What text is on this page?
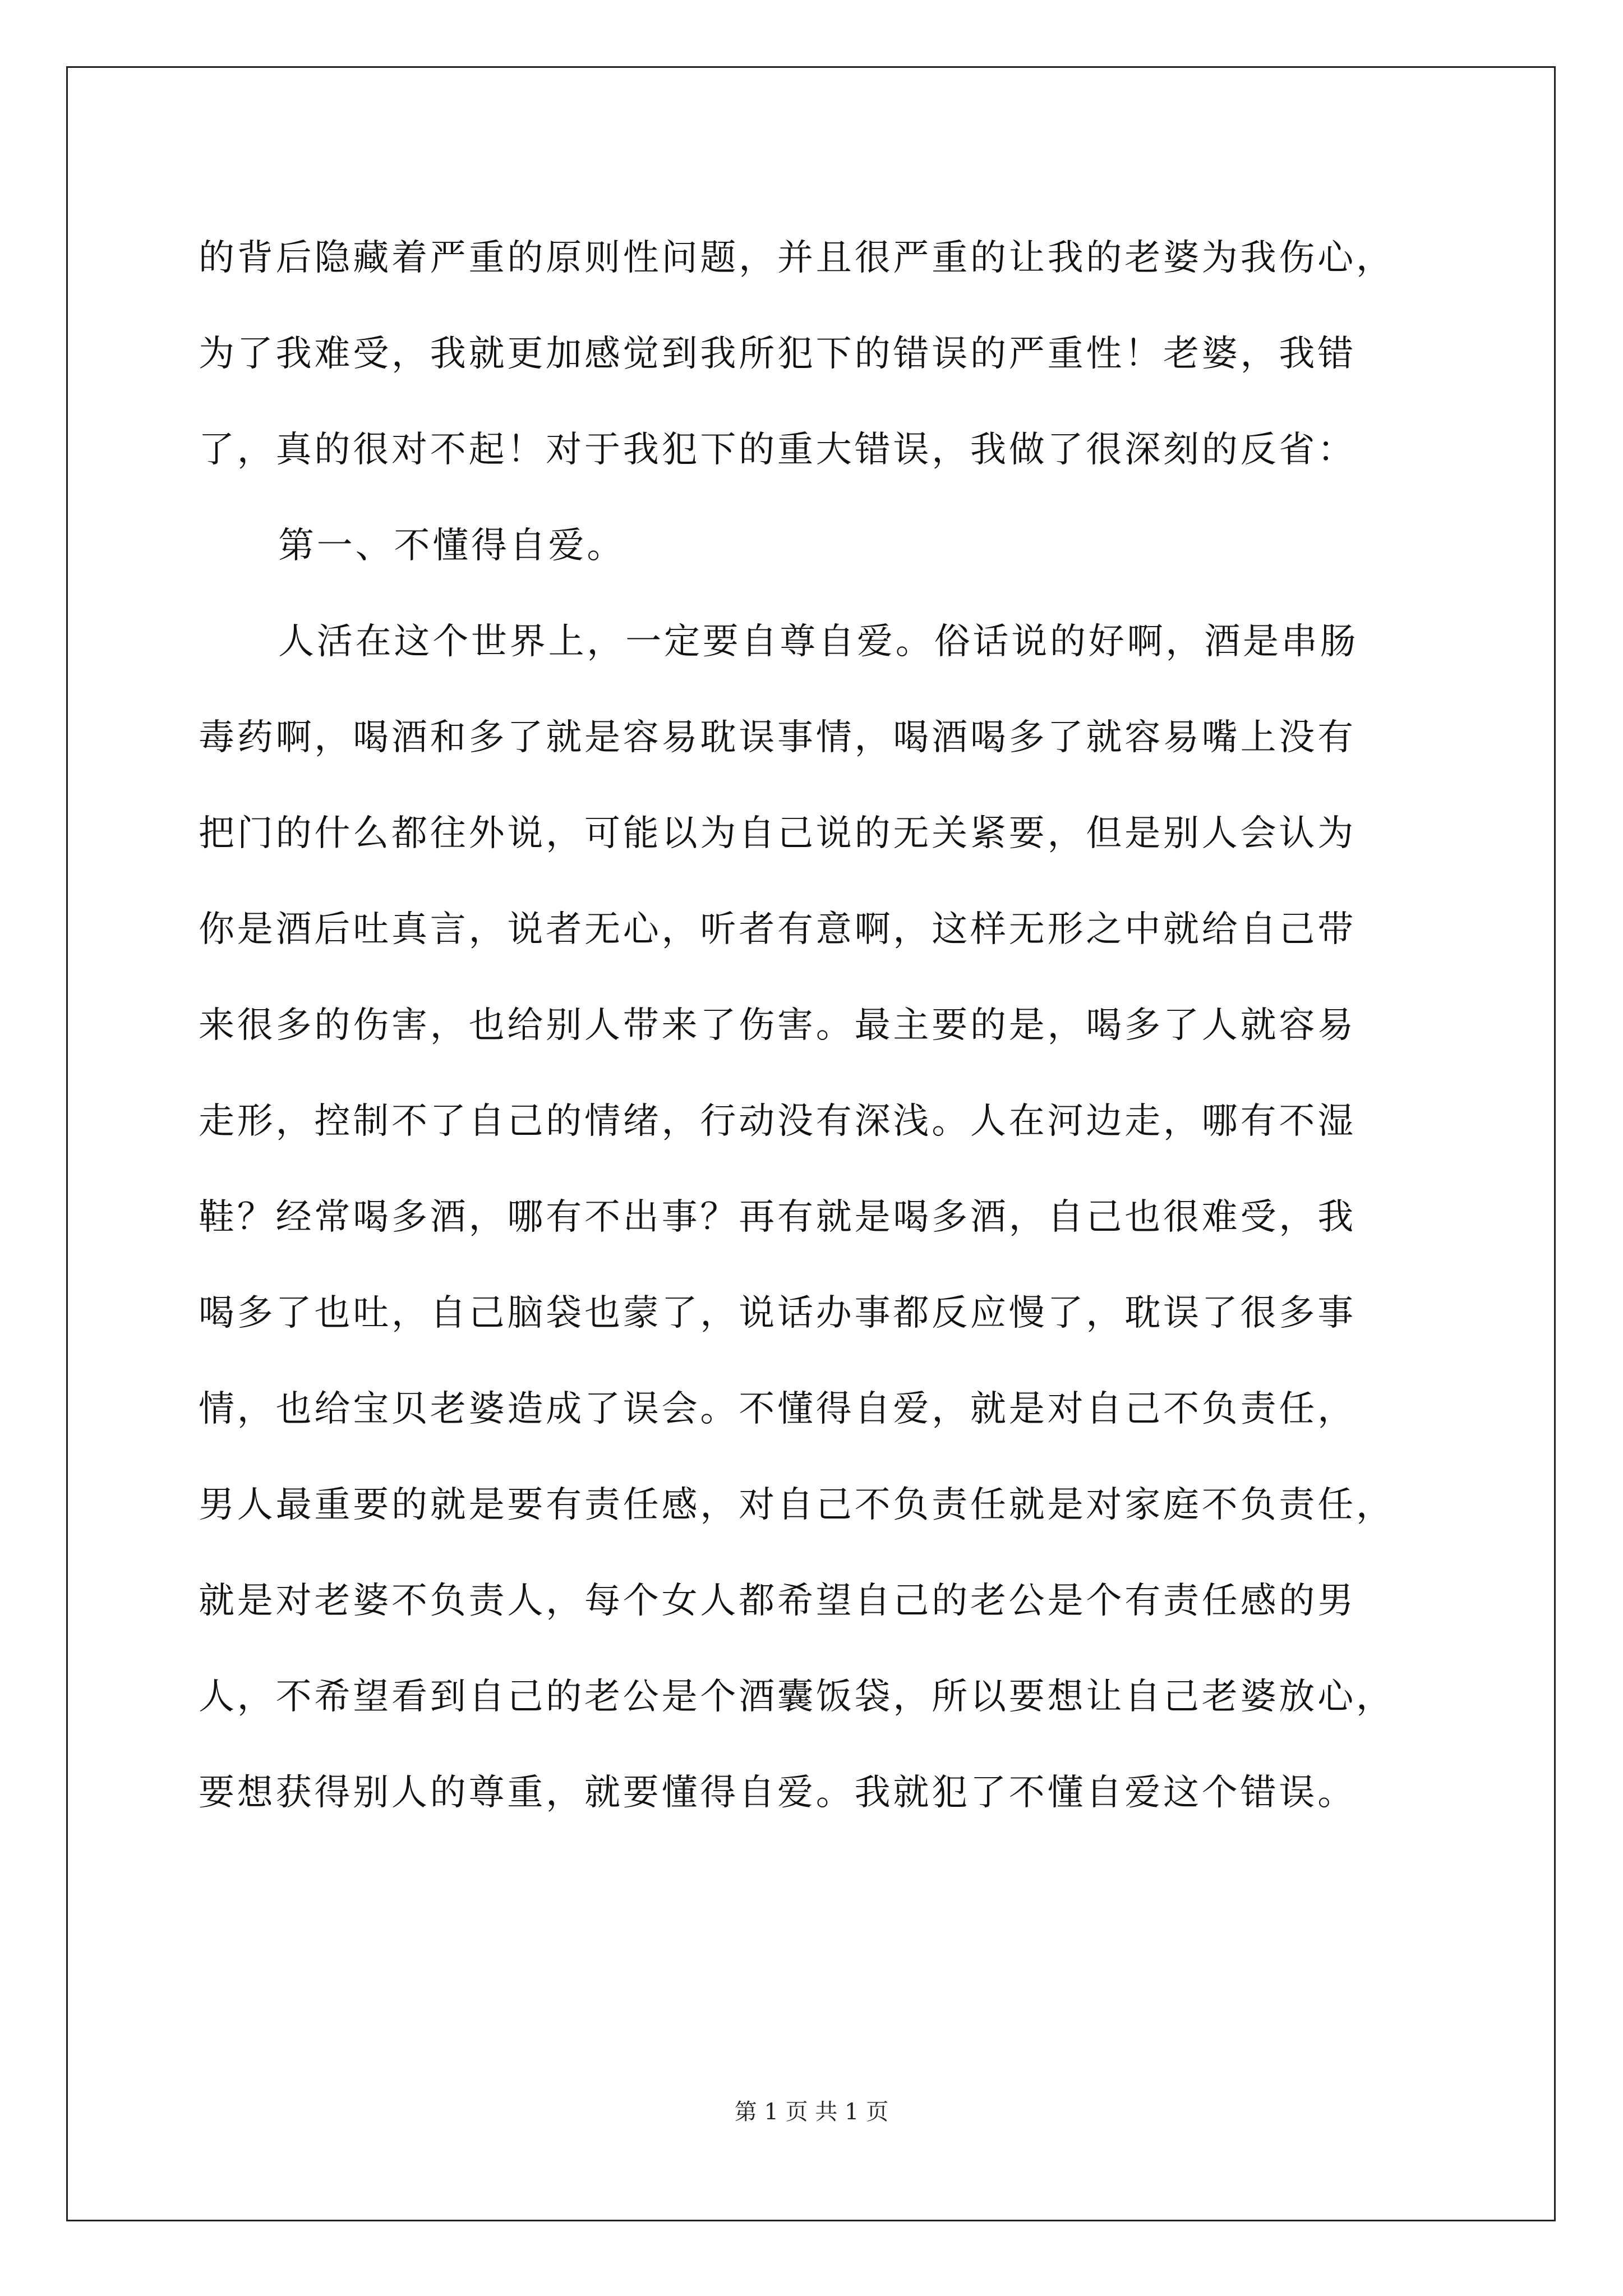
的背后隐藏着严重的原则性问题，并且很严重的让我的老婆为我伤心，
为了我难受，我就更加感觉到我所犯下的错误的严重性！老婆，我错
了，真的很对不起！对于我犯下的重大错误，我做了很深刻的反省：
第一、不懂得自爱。
人活在这个世界上，一定要自尊自爱。俗话说的好啊，酒是串肠
毒药啊，喝酒和多了就是容易耽误事情，喝酒喝多了就容易嘴上没有
把门的什么都往外说，可能以为自己说的无关紧要，但是别人会认为
你是酒后吐真言，说者无心，听者有意啊，这样无形之中就给自己带
来很多的伤害，也给别人带来了伤害。最主要的是，喝多了人就容易
走形，控制不了自己的情绪，行动没有深浅。人在河边走，哪有不湿
鞋？经常喝多酒，哪有不出事？再有就是喝多酒，自己也很难受，我
喝多了也吐，自己脑袋也蒙了，说话办事都反应慢了，耽误了很多事
情，也给宝贝老婆造成了误会。不懂得自爱，就是对自己不负责任，
男人最重要的就是要有责任感，对自己不负责任就是对家庭不负责任，
就是对老婆不负责人，每个女人都希望自己的老公是个有责任感的男
人，不希望看到自己的老公是个酒囊饭袋，所以要想让自己老婆放心，
要想获得别人的尊重，就要懂得自爱。我就犯了不懂自爱这个错误。
第 1 页 共 1 页
